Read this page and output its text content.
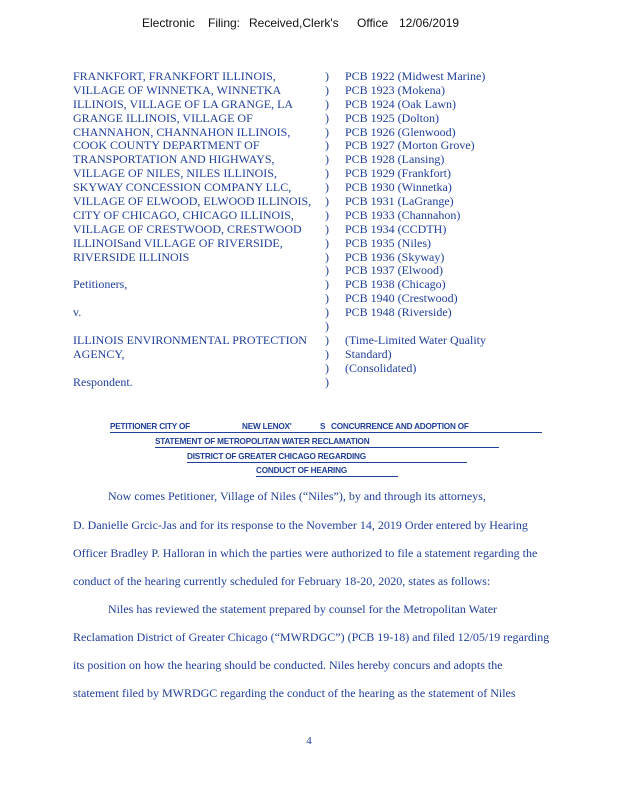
Electronic Filing: Received,Clerk's Office 12/06/2019
FRANKFORT, FRANKFORT ILLINOIS,	) PCB 1922 (Midwest Marine)
VILLAGE OF WINNETKA, WINNETKA	) PCB 1923 (Mokena)
ILLINOIS, VILLAGE OF LA GRANGE, LA	) PCB 1924 (Oak Lawn)
GRANGE ILLINOIS, VILLAGE OF	) PCB 1925 (Dolton)
CHANNAHON, CHANNAHON ILLINOIS,	) PCB 1926 (Glenwood)
COOK COUNTY DEPARTMENT OF	) PCB 1927 (Morton Grove)
TRANSPORTATION AND HIGHWAYS,	) PCB 1928 (Lansing)
VILLAGE OF NILES, NILES ILLINOIS,	) PCB 1929 (Frankfort)
SKYWAY CONCESSION COMPANY LLC,	) PCB 1930 (Winnetka)
VILLAGE OF ELWOOD, ELWOOD ILLINOIS,	) PCB 1931 (LaGrange)
CITY OF CHICAGO, CHICAGO ILLINOIS,	) PCB 1933 (Channahon)
VILLAGE OF CRESTWOOD, CRESTWOOD	) PCB 1934 (CCDTH)
ILLINOISand VILLAGE OF RIVERSIDE,	) PCB 1935 (Niles)
RIVERSIDE ILLINOIS	) PCB 1936 (Skyway)
) PCB 1937 (Elwood)
Petitioners,	) PCB 1938 (Chicago)
) PCB 1940 (Crestwood)
v.	) PCB 1948 (Riverside)
)
ILLINOIS ENVIRONMENTAL PROTECTION	) (Time-Limited Water Quality
AGENCY,	) Standard)
) (Consolidated)
Respondent.	)
PETITIONER CITY OF	NEW LENOX'	S CONCURRENCE AND ADOPTION OF
STATEMENT OF METROPOLITAN WATER RECLAMATION
DISTRICT OF GREATER CHICAGO REGARDING
CONDUCT OF HEARING
Now comes Petitioner, Village of Niles (“Niles”), by and through its attorneys,
D. Danielle Grcic-Jas and for its response to the November 14, 2019 Order entered by Hearing
Officer Bradley P. Halloran in which the parties were authorized to file a statement regarding the
conduct of the hearing currently scheduled for February 18-20, 2020, states as follows:
Niles has reviewed the statement prepared by counsel for the Metropolitan Water
Reclamation District of Greater Chicago (“MWRDGC”) (PCB 19-18) and filed 12/05/19 regarding
its position on how the hearing should be conducted. Niles hereby concurs and adopts the
statement filed by MWRDGC regarding the conduct of the hearing as the statement of Niles
4
